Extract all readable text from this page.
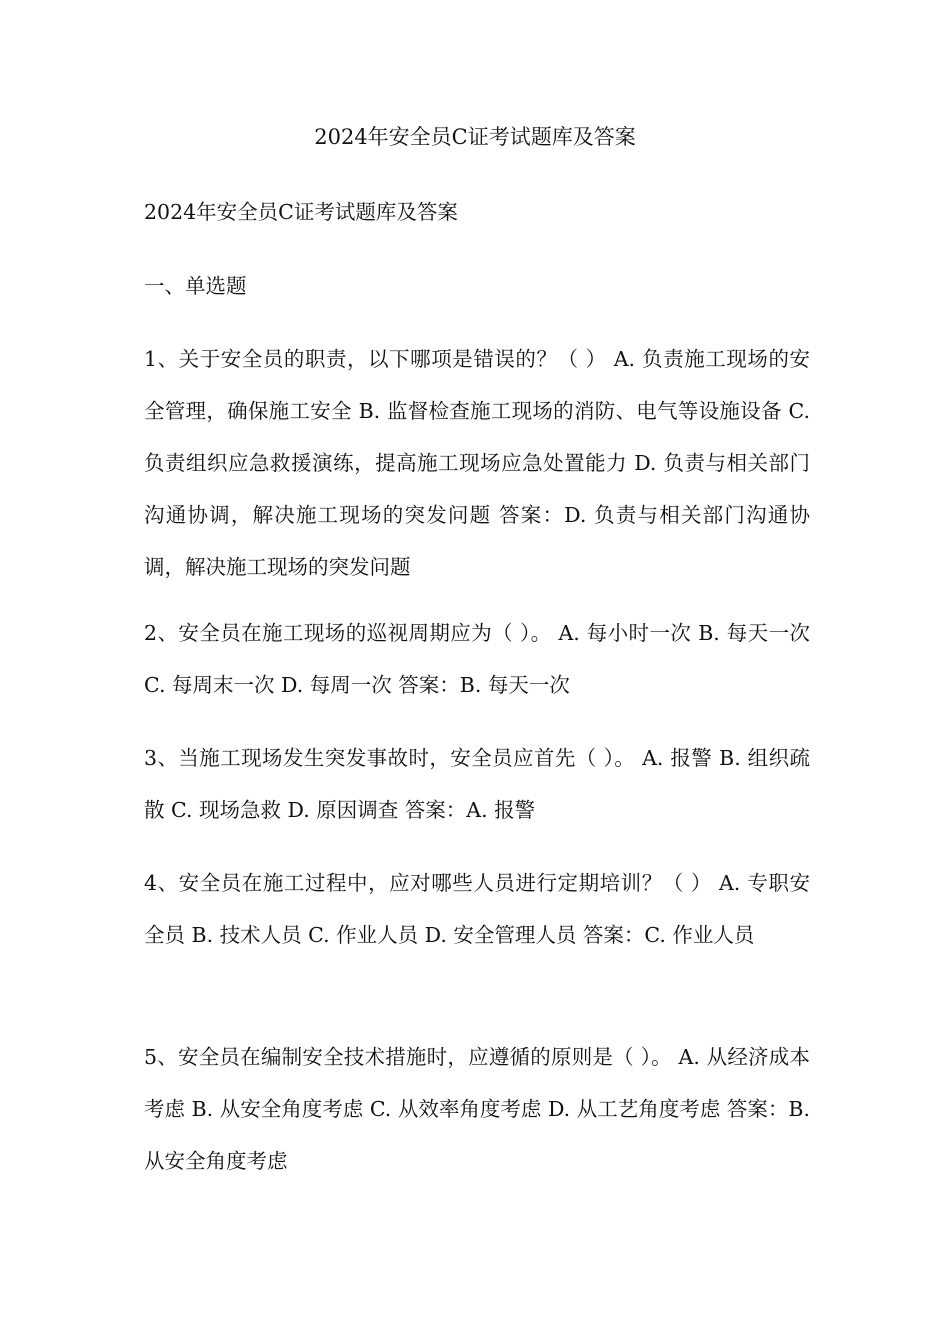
2024年安全员C证考试题库及答案
2024年安全员C证考试题库及答案
一、单选题
1、关于安全员的职责，以下哪项是错误的？（ ） A. 负责施工现场的安全管理，确保施工安全 B. 监督检查施工现场的消防、电气等设施设备 C. 负责组织应急救援演练，提高施工现场应急处置能力 D. 负责与相关部门沟通协调，解决施工现场的突发问题 答案：D. 负责与相关部门沟通协调，解决施工现场的突发问题
2、安全员在施工现场的巡视周期应为（ ）。 A. 每小时一次 B. 每天一次 C. 每周末一次 D. 每周一次 答案：B. 每天一次
3、当施工现场发生突发事故时，安全员应首先（ ）。 A. 报警 B. 组织疏散 C. 现场急救 D. 原因调查 答案：A. 报警
4、安全员在施工过程中，应对哪些人员进行定期培训？（ ） A. 专职安全员 B. 技术人员 C. 作业人员 D. 安全管理人员 答案：C. 作业人员
5、安全员在编制安全技术措施时，应遵循的原则是（ ）。 A. 从经济成本考虑 B. 从安全角度考虑 C. 从效率角度考虑 D. 从工艺角度考虑 答案：B. 从安全角度考虑
